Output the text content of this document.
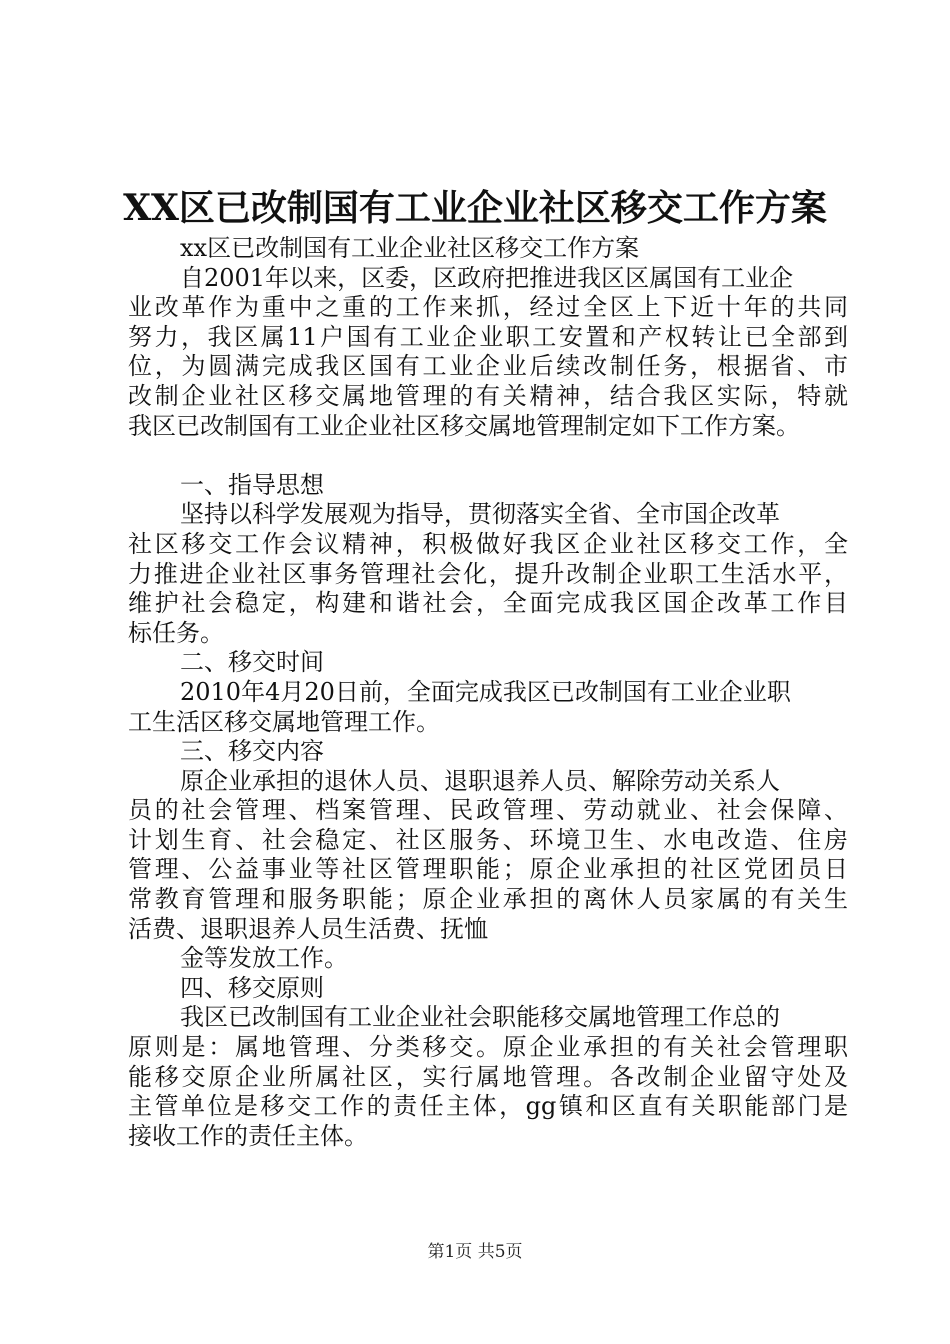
XX区已改制国有工业企业社区移交工作方案
xx区已改制国有工业企业社区移交工作方案
自2001年以来，区委，区政府把推进我区区属国有工业企
业改革作为重中之重的工作来抓，经过全区上下近十年的共同
努力，我区属11户国有工业企业职工安置和产权转让已全部到
位，为圆满完成我区国有工业企业后续改制任务，根据省、市
改制企业社区移交属地管理的有关精神，结合我区实际，特就
我区已改制国有工业企业社区移交属地管理制定如下工作方案。
一、指导思想
坚持以科学发展观为指导，贯彻落实全省、全市国企改革
社区移交工作会议精神，积极做好我区企业社区移交工作，全
力推进企业社区事务管理社会化，提升改制企业职工生活水平，
维护社会稳定，构建和谐社会，全面完成我区国企改革工作目
标任务。
二、移交时间
2010年4月20日前，全面完成我区已改制国有工业企业职
工生活区移交属地管理工作。
三、移交内容
原企业承担的退休人员、退职退养人员、解除劳动关系人
员的社会管理、档案管理、民政管理、劳动就业、社会保障、
计划生育、社会稳定、社区服务、环境卫生、水电改造、住房
管理、公益事业等社区管理职能；原企业承担的社区党团员日
常教育管理和服务职能；原企业承担的离休人员家属的有关生
活费、退职退养人员生活费、抚恤
金等发放工作。
四、移交原则
我区已改制国有工业企业社会职能移交属地管理工作总的
原则是：属地管理、分类移交。原企业承担的有关社会管理职
能移交原企业所属社区，实行属地管理。各改制企业留守处及
主管单位是移交工作的责任主体，gg镇和区直有关职能部门是
接收工作的责任主体。
第1页 共5页
